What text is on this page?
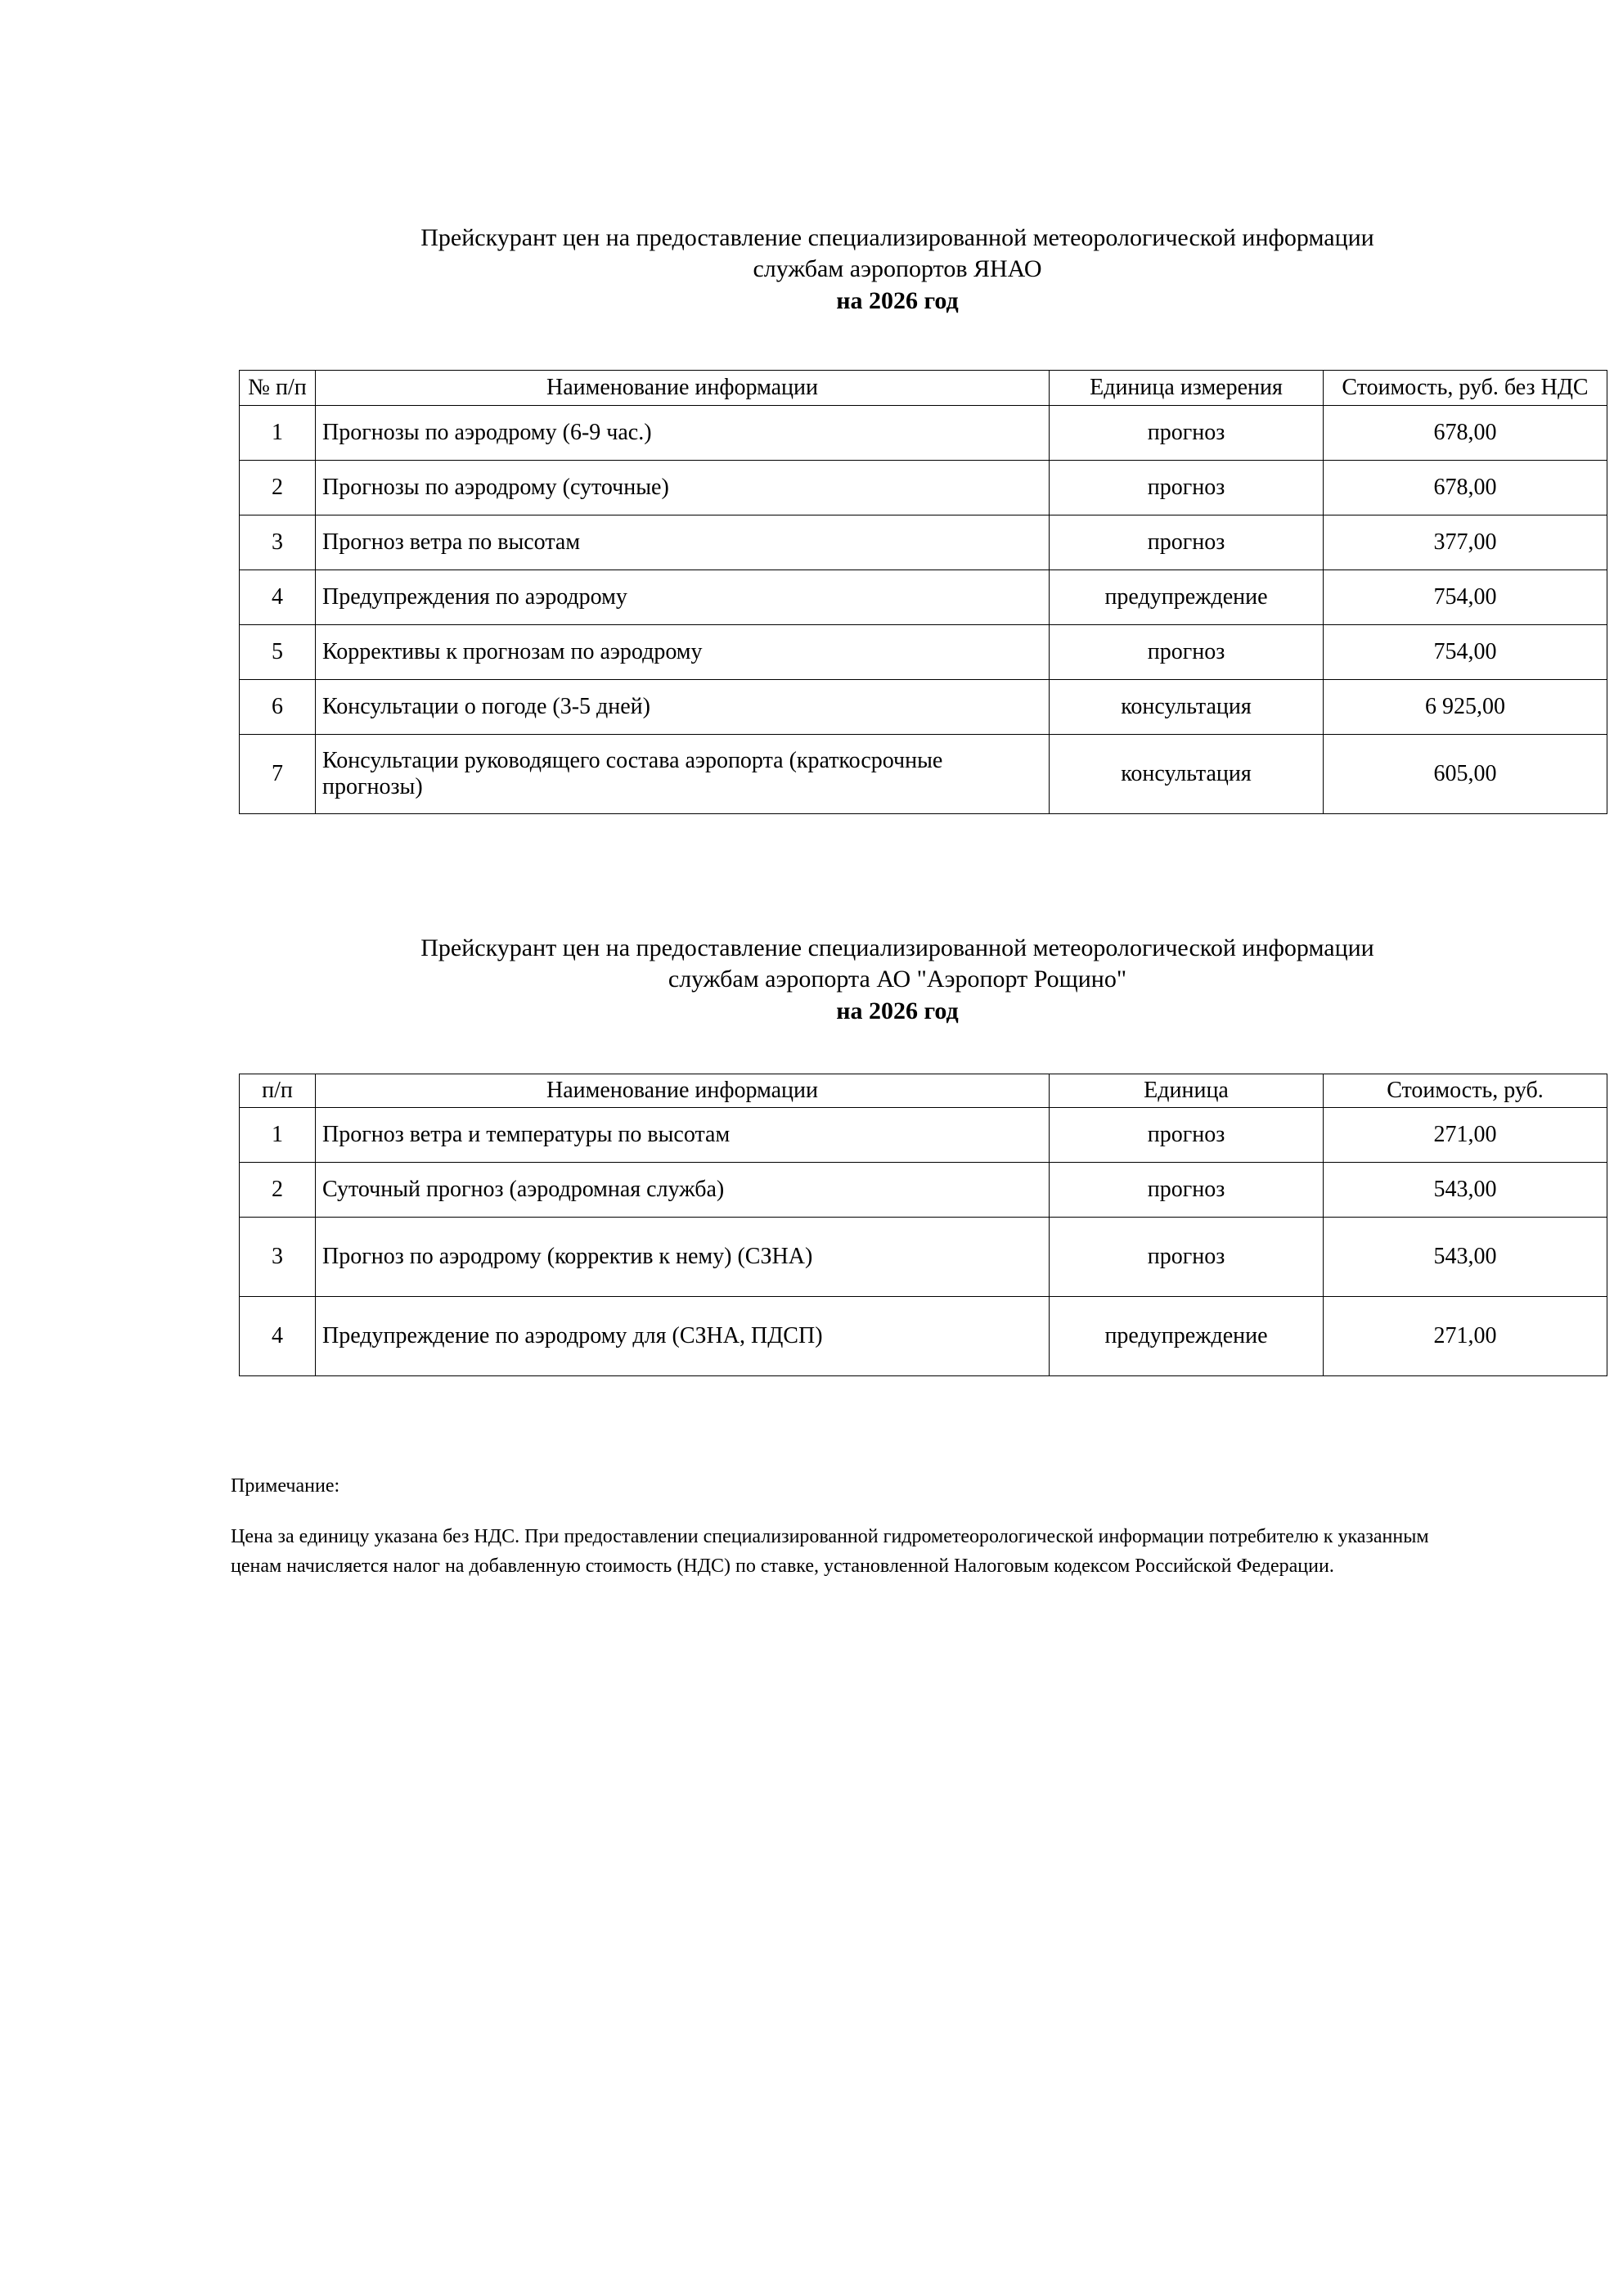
Прейскурант цен на предоставление специализированной метеорологической информации
службам аэропортов ЯНАО
на 2026 год
№ п/п	Наименование информации	Единица измерения	Стоимость, руб. без НДС
1	Прогнозы по аэродрому (6-9 час.)	прогноз	678,00
2	Прогнозы по аэродрому (суточные)	прогноз	678,00
3	Прогноз ветра по высотам	прогноз	377,00
4	Предупреждения по аэродрому	предупреждение	754,00
5	Коррективы к прогнозам по аэродрому	прогноз	754,00
6	Консультации о погоде (3-5 дней)	консультация	6 925,00
7	Консультации руководящего состава аэропорта (краткосрочные прогнозы)	консультация	605,00
Прейскурант цен на предоставление специализированной метеорологической информации
службам аэропорта АО "Аэропорт Рощино"
на 2026 год
п/п	Наименование информации	Единица	Стоимость, руб.
1	Прогноз ветра и температуры по высотам	прогноз	271,00
2	Суточный прогноз (аэродромная служба)	прогноз	543,00
3	Прогноз по аэродрому (корректив к нему) (СЗНА)	прогноз	543,00
4	Предупреждение по аэродрому для (СЗНА, ПДСП)	предупреждение	271,00
Примечание:
Цена за единицу указана без НДС. При предоставлении специализированной гидрометеорологической информации потребителю к указанным ценам начисляется налог на добавленную стоимость (НДС) по ставке, установленной Налоговым кодексом Российской Федерации.
